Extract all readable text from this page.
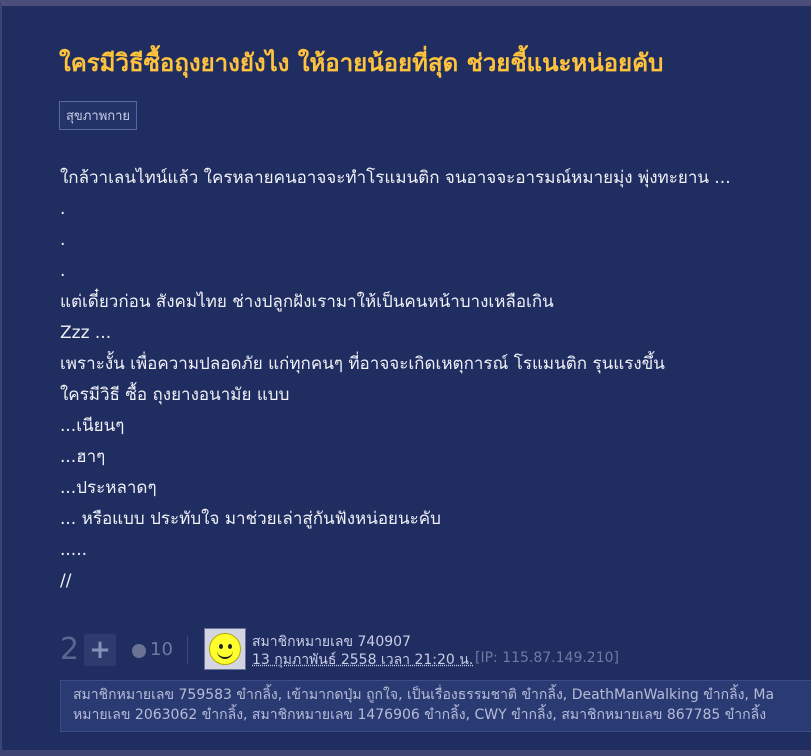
ใครมีวิธีซื้อถุงยางยังไง ให้อายน้อยที่สุด ช่วยชี้แนะหน่อยคับ
สุขภาพกาย
ใกล้วาเลนไทน์แล้ว ใครหลายคนอาจจะทำโรแมนติก จนอาจจะอารมณ์หมายมุ่ง พุ่งทะยาน ...
.
.
.
แต่เดี๋ยวก่อน สังคมไทย ช่างปลูกฝังเรามาให้เป็นคนหน้าบางเหลือเกิน
Zzz ...
เพราะงั้น เพื่อความปลอดภัย แก่ทุกคนๆ ที่อาจจะเกิดเหตุการณ์ โรแมนติก รุนแรงขึ้น
ใครมีวิธี ซื้อ ถุงยางอนามัย แบบ
...เนียนๆ
...ฮาๆ
...ประหลาดๆ
... หรือแบบ ประทับใจ มาช่วยเล่าสู่กันฟังหน่อยนะคับ
.....
//
2 + 10	สมาชิกหมายเลข 740907
13 กุมภาพันธ์ 2558 เวลา 21:20 น. [IP: 115.87.149.210]
สมาชิกหมายเลข 759583 ขำกลิ้ง, เข้ามากดปุ่ม ถูกใจ, เป็นเรื่องธรรมชาติ ขำกลิ้ง, DeathManWalking ขำกลิ้ง, Ma
หมายเลข 2063062 ขำกลิ้ง, สมาชิกหมายเลข 1476906 ขำกลิ้ง, CWY ขำกลิ้ง, สมาชิกหมายเลข 867785 ขำกลิ้ง
